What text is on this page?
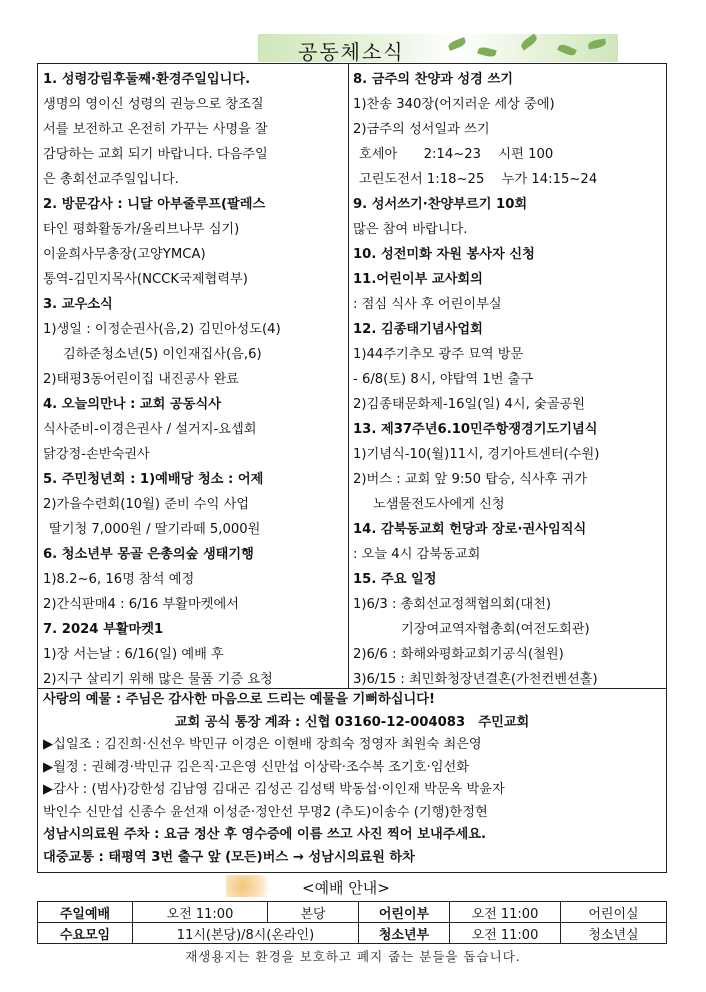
공동체소식
1. 성령강림후둘째·환경주일입니다.
생명의 영이신 성령의 권능으로 창조질
서를 보전하고 온전히 가꾸는 사명을 잘
감당하는 교회 되기 바랍니다. 다음주일
은 총회선교주일입니다.
2. 방문감사 : 니달 아부줄루프(팔레스
타인 평화활동가/올리브나무 심기)
이윤희사무총장(고양YMCA)
통역-김민지목사(NCCK국제협력부)
3. 교우소식
1)생일 : 이정순권사(음,2) 김민아성도(4)
김하준청소년(5) 이인재집사(음,6)
2)태평3동어린이집 내진공사 완료
4. 오늘의만나 : 교회 공동식사
식사준비-이경은권사 / 설거지-요셉회
닭강정-손반숙권사
5. 주민청년회 : 1)예배당 청소 : 어제
2)가을수련회(10월) 준비 수익 사업
딸기청 7,000원 / 딸기라떼 5,000원
6. 청소년부 몽골 은총의숲 생태기행
1)8.2~6, 16명 참석 예정
2)간식판매4 : 6/16 부활마켓에서
7. 2024 부활마켓1
1)장 서는날 : 6/16(일) 예배 후
2)지구 살리기 위해 많은 물품 기증 요청
8. 금주의 찬양과 성경 쓰기
1)찬송 340장(어지러운 세상 중에)
2)금주의 성서일과 쓰기
호세아　　2:14~23　 시편 100
고린도전서 1:18~25　 누가 14:15~24
9. 성서쓰기·찬양부르기 10회
많은 참여 바랍니다.
10. 성전미화 자원 봉사자 신청
11.어린이부 교사회의
: 점심 식사 후 어린이부실
12. 김종태기념사업회
1)44주기추모 광주 묘역 방문
- 6/8(토) 8시, 야탑역 1번 출구
2)김종태문화제-16일(일) 4시, 숯골공원
13. 제37주년6.10민주항쟁경기도기념식
1)기념식-10(월)11시, 경기아트센터(수원)
2)버스 : 교회 앞 9:50 탑승, 식사후 귀가
노샘물전도사에게 신청
14. 감북동교회 헌당과 장로·권사임직식
: 오늘 4시 감북동교회
15. 주요 일정
1)6/3 : 총회선교정책협의회(대천)
기장여교역자협총회(여전도회관)
2)6/6 : 화해와평화교회기공식(철원)
3)6/15 : 최민화청장년결혼(가천컨벤션홀)
사랑의 예물 : 주님은 감사한 마음으로 드리는 예물을 기뻐하십니다!
교회 공식 통장 계좌 : 신협 03160-12-004083　주민교회
▶십일조 : 김진희·신선우 박민규 이경은 이현배 장희숙 정영자 최원숙 최은영
▶월정 : 권혜경·박민규 김은직·고은영 신만섭 이상락·조수복 조기호·임선화
▶감사 : (범사)강한성 김남영 김대곤 김성곤 김성택 박동섭·이인재 박문옥 박윤자
박인수 신만섭 신종수 윤선재 이성준·정안선 무명2 (추도)이송수 (기행)한정현
성남시의료원 주차 : 요금 정산 후 영수증에 이름 쓰고 사진 찍어 보내주세요.
대중교통 : 태평역 3번 출구 앞 (모든)버스 → 성남시의료원 하차
<예배 안내>
주일예배	오전 11:00	본당	어린이부	오전 11:00	어린이실
수요모임	11시(본당)/8시(온라인)		청소년부	오전 11:00	청소년실
재생용지는 환경을 보호하고 폐지 줍는 분들을 돕습니다.
